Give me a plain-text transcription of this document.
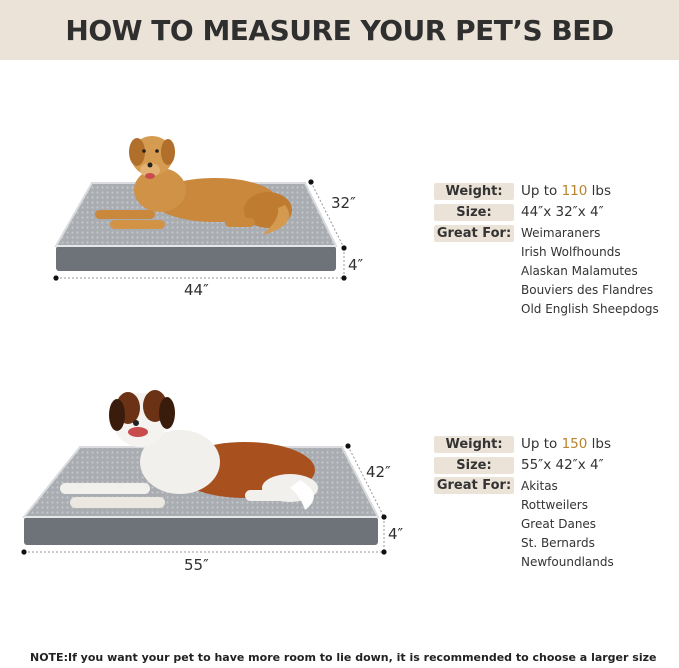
HOW TO MEASURE YOUR PET’S BED
44″
32″
4″
55″
42″
4″
Weight:	Up to 110 lbs
Size:	44″x 32″x 4″
Great For: Weimaraners
Irish Wolfhounds
Alaskan Malamutes
Bouviers des Flandres
Old English Sheepdogs
Weight:	Up to 150 lbs
Size:	55″x 42″x 4″
Great For: Akitas
Rottweilers
Great Danes
St. Bernards
Newfoundlands
NOTE:If you want your pet to have more room to lie down, it is recommended to choose a larger size
